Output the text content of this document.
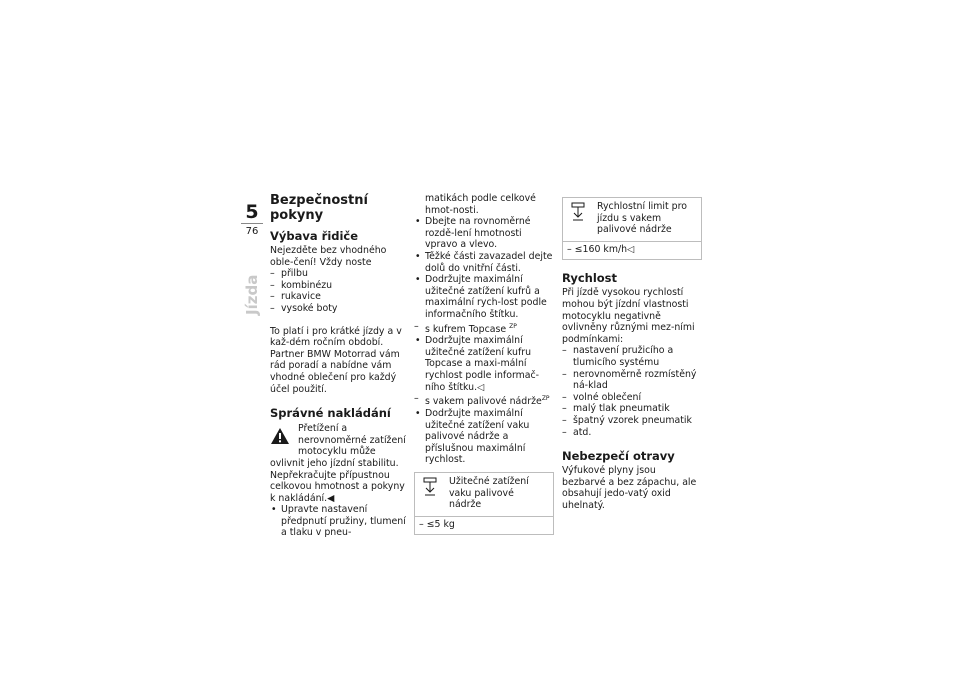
5
76
Jízda
Bezpečnostní pokyny
Výbava řidiče

Nejezděte bez vhodného oble-čení! Vždy noste

– přilbu
– kombinézu
– rukavice
– vysoké boty

To platí i pro krátké jízdy a v kaž-dém ročním období. Partner BMW Motorrad vám rád poradí a nabídne vám vhodné oblečení pro každý účel použití.

Správné nakládání
Přetížení a nerovnoměrné zatížení motocyklu může
ovlivnit jeho jízdní stabilitu. Nepřekračujte přípustnou celkovou hmotnost a pokyny k nakládání.◀
• Upravte nastavení předpnutí pružiny, tlumení a tlaku v pneu-

matikách podle celkové hmot-nosti.

• Dbejte na rovnoměrné rozdě-lení hmotnosti vpravo a vlevo.
• Těžké části zavazadel dejte dolů do vnitřní části.
• Dodržujte maximální užitečné zatížení kufrů a maximální rych-lost podle informačního štítku.
– s kufrem Topcase $^{ZP}$
• Dodržujte maximální užitečné zatížení kufru Topcase a maxi-mální rychlost podle informač-ního štítku.◁
– s vakem palivové nádrže$^{ZP}$
• Dodržujte maximální užitečné zatížení vaku palivové nádrže a příslušnou maximální rychlost.
Užitečné zatížení vaku palivové nádrže
– ≤5 kg
Rychlostní limit pro jízdu s vakem palivové nádrže
– ≤160 km/h◁
Rychlost

Při jízdě vysokou rychlostí mohou být jízdní vlastnosti motocyklu negativně ovlivněny různými mez-ními podmínkami:

– nastavení pružicího a tlumicího systému
– nerovnoměrně rozmístěný ná-klad
– volné oblečení
– malý tlak pneumatik
– špatný vzorek pneumatik
– atd.
Nebezpečí otravy

Výfukové plyny jsou bezbarvé a bez zápachu, ale obsahují jedo-vatý oxid uhelnatý.
